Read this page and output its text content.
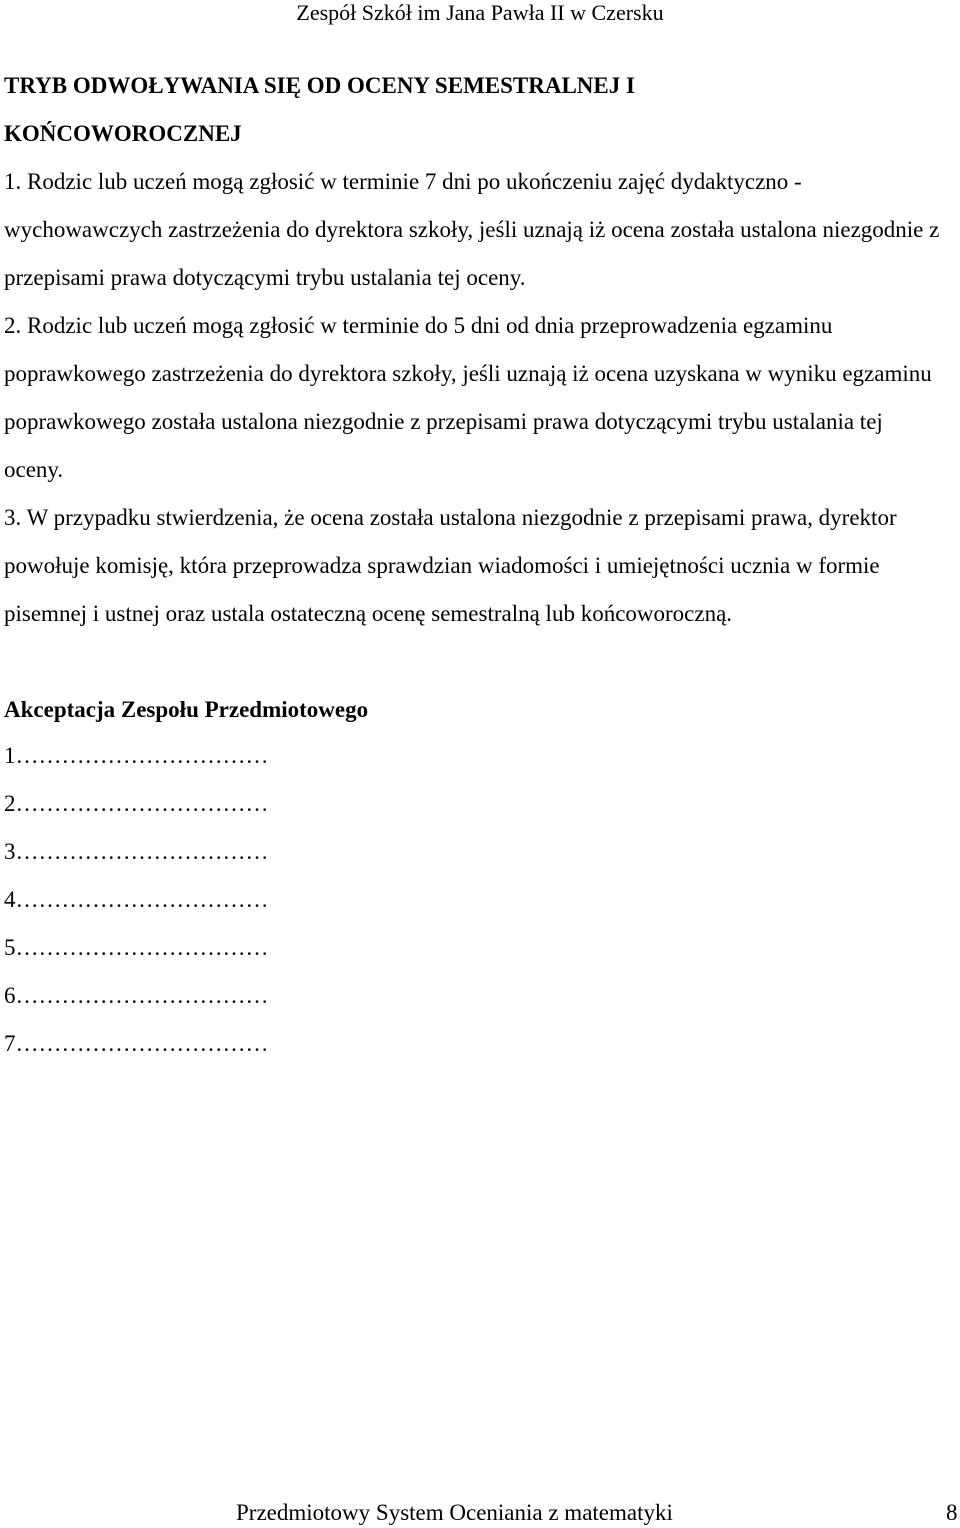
Zespół Szkół im Jana Pawła II w Czersku
TRYB ODWOŁYWANIA SIĘ OD OCENY SEMESTRALNEJ I
KOŃCOWOROCZNEJ

1. Rodzic lub uczeń mogą zgłosić w terminie 7 dni po ukończeniu zajęć dydaktyczno - wychowawczych zastrzeżenia do dyrektora szkoły, jeśli uznają iż ocena została ustalona niezgodnie z przepisami prawa dotyczącymi trybu ustalania tej oceny.

2. Rodzic lub uczeń mogą zgłosić w terminie do 5 dni od dnia przeprowadzenia egzaminu poprawkowego zastrzeżenia do dyrektora szkoły, jeśli uznają iż ocena uzyskana w wyniku egzaminu poprawkowego została ustalona niezgodnie z przepisami prawa dotyczącymi trybu ustalania tej oceny.

3. W przypadku stwierdzenia, że ocena została ustalona niezgodnie z przepisami prawa, dyrektor powołuje komisję, która przeprowadza sprawdzian wiadomości i umiejętności ucznia w formie pisemnej i ustnej oraz ustala ostateczną ocenę semestralną lub końcoworoczną.

Akceptacja Zespołu Przedmiotowego
1……………………………
2……………………………
3……………………………
4……………………………
5……………………………
6……………………………
7……………………………
Przedmiotowy System Oceniania z matematyki	8
